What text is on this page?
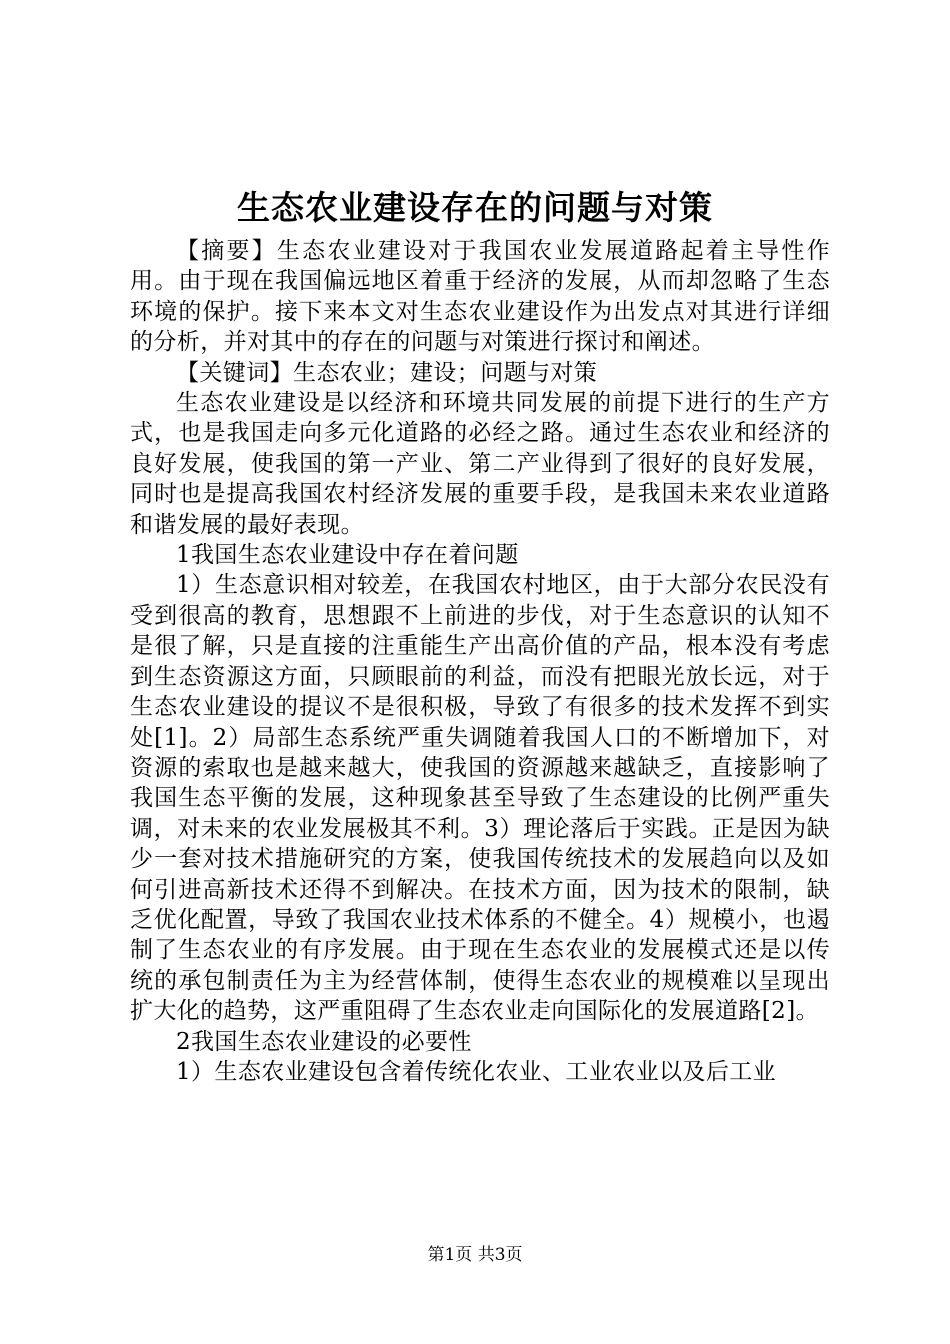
生态农业建设存在的问题与对策

【摘要】生态农业建设对于我国农业发展道路起着主导性作用。由于现在我国偏远地区着重于经济的发展，从而却忽略了生态环境的保护。接下来本文对生态农业建设作为出发点对其进行详细的分析，并对其中的存在的问题与对策进行探讨和阐述。

【关键词】生态农业；建设；问题与对策

生态农业建设是以经济和环境共同发展的前提下进行的生产方式，也是我国走向多元化道路的必经之路。通过生态农业和经济的良好发展，使我国的第一产业、第二产业得到了很好的良好发展，同时也是提高我国农村经济发展的重要手段，是我国未来农业道路和谐发展的最好表现。

1我国生态农业建设中存在着问题

1）生态意识相对较差，在我国农村地区，由于大部分农民没有受到很高的教育，思想跟不上前进的步伐，对于生态意识的认知不是很了解，只是直接的注重能生产出高价值的产品，根本没有考虑到生态资源这方面，只顾眼前的利益，而没有把眼光放长远，对于生态农业建设的提议不是很积极，导致了有很多的技术发挥不到实处[1]。2）局部生态系统严重失调随着我国人口的不断增加下，对资源的索取也是越来越大，使我国的资源越来越缺乏，直接影响了我国生态平衡的发展，这种现象甚至导致了生态建设的比例严重失调，对未来的农业发展极其不利。3）理论落后于实践。正是因为缺少一套对技术措施研究的方案，使我国传统技术的发展趋向以及如何引进高新技术还得不到解决。在技术方面，因为技术的限制，缺乏优化配置，导致了我国农业技术体系的不健全。4）规模小，也遏制了生态农业的有序发展。由于现在生态农业的发展模式还是以传统的承包制责任为主为经营体制，使得生态农业的规模难以呈现出扩大化的趋势，这严重阻碍了生态农业走向国际化的发展道路[2]。

2我国生态农业建设的必要性

1）生态农业建设包含着传统化农业、工业农业以及后工业

第1页 共3页
